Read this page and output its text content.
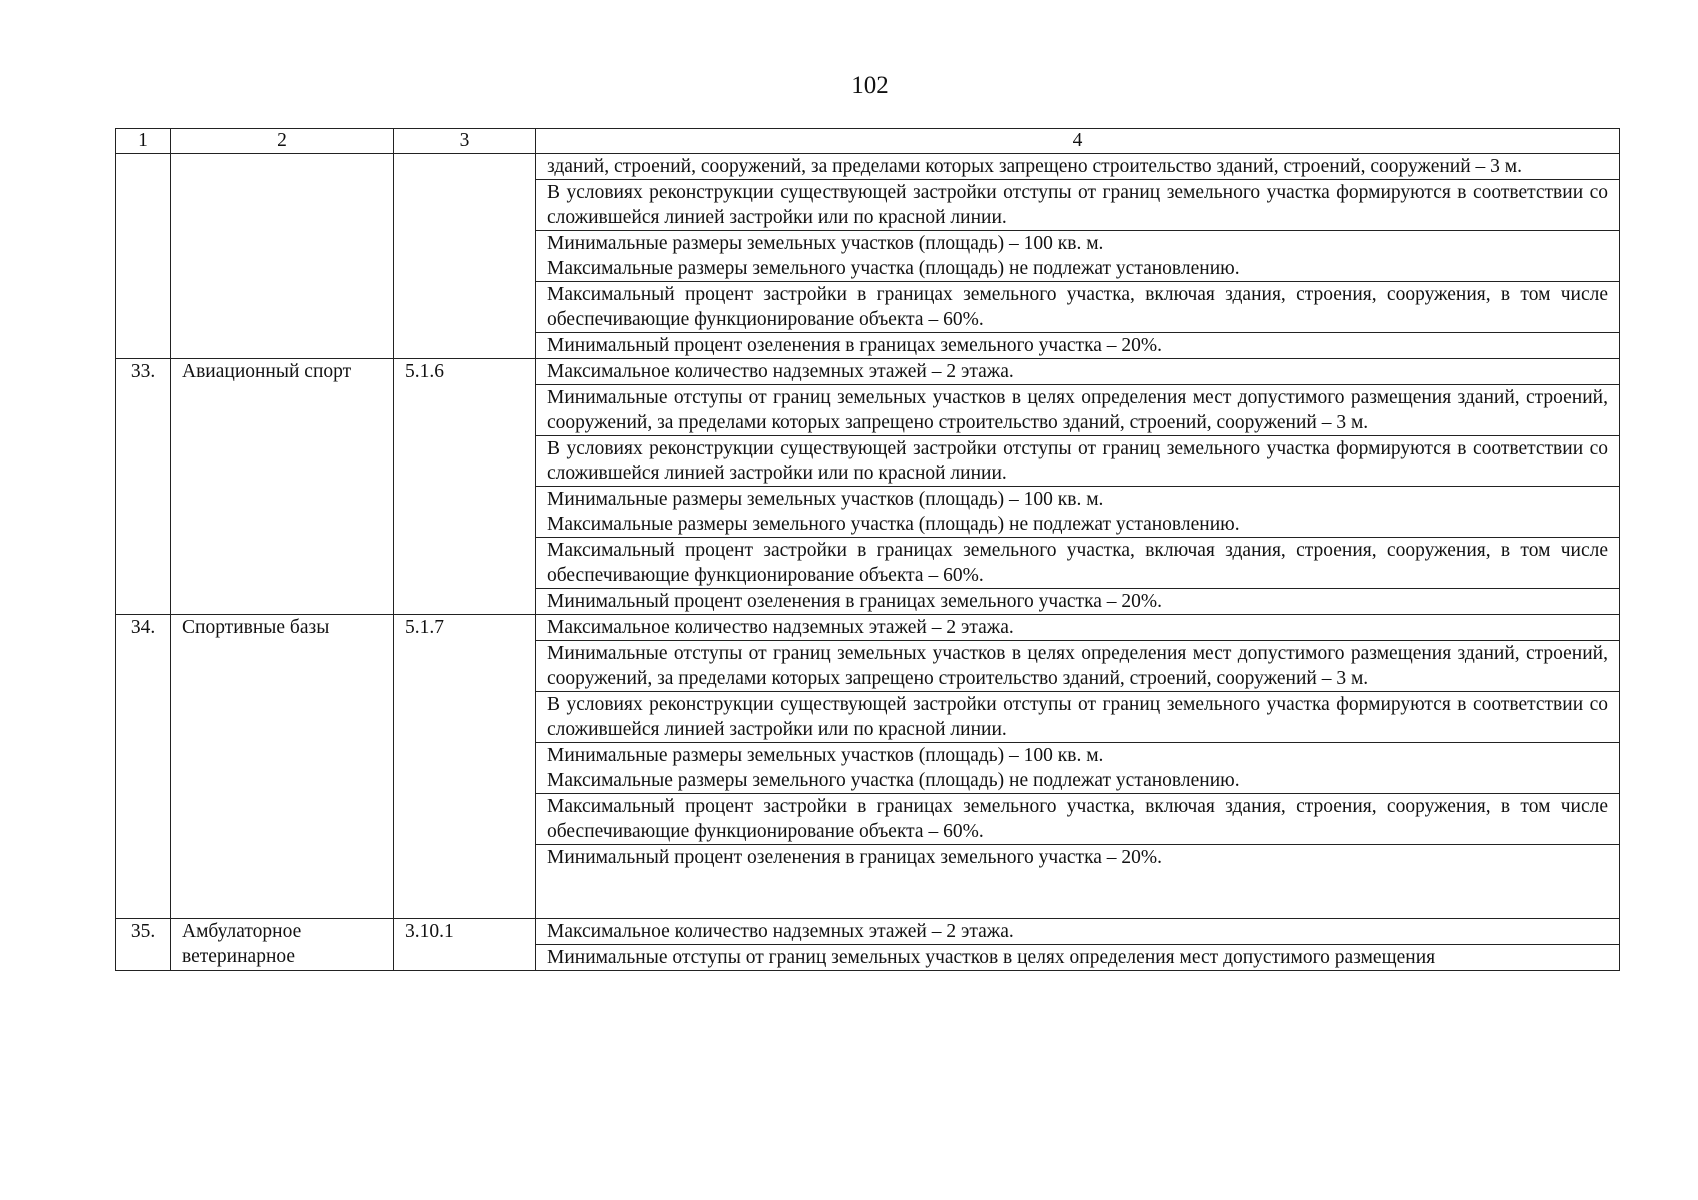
102
1	2	3	4
			зданий, строений, сооружений, за пределами которых запрещено строительство зданий, строений, сооружений – 3 м.
			В условиях реконструкции существующей застройки отступы от границ земельного участка формируются в соответствии со сложившейся линией застройки или по красной линии.
			Минимальные размеры земельных участков (площадь) – 100 кв. м.
Максимальные размеры земельного участка (площадь) не подлежат установлению.
			Максимальный процент застройки в границах земельного участка, включая здания, строения, сооружения, в том числе обеспечивающие функционирование объекта – 60%.
			Минимальный процент озеленения в границах земельного участка – 20%.
33.	Авиационный спорт	5.1.6	Максимальное количество надземных этажей – 2 этажа.
			Минимальные отступы от границ земельных участков в целях определения мест допустимого размещения зданий, строений, сооружений, за пределами которых запрещено строительство зданий, строений, сооружений – 3 м.
			В условиях реконструкции существующей застройки отступы от границ земельного участка формируются в соответствии со сложившейся линией застройки или по красной линии.
			Минимальные размеры земельных участков (площадь) – 100 кв. м.
Максимальные размеры земельного участка (площадь) не подлежат установлению.
			Максимальный процент застройки в границах земельного участка, включая здания, строения, сооружения, в том числе обеспечивающие функционирование объекта – 60%.
			Минимальный процент озеленения в границах земельного участка – 20%.
34.	Спортивные базы	5.1.7	Максимальное количество надземных этажей – 2 этажа.
			Минимальные отступы от границ земельных участков в целях определения мест допустимого размещения зданий, строений, сооружений, за пределами которых запрещено строительство зданий, строений, сооружений – 3 м.
			В условиях реконструкции существующей застройки отступы от границ земельного участка формируются в соответствии со сложившейся линией застройки или по красной линии.
			Минимальные размеры земельных участков (площадь) – 100 кв. м.
Максимальные размеры земельного участка (площадь) не подлежат установлению.
			Максимальный процент застройки в границах земельного участка, включая здания, строения, сооружения, в том числе обеспечивающие функционирование объекта – 60%.
			Минимальный процент озеленения в границах земельного участка – 20%.
35.	Амбулаторное ветеринарное	3.10.1	Максимальное количество надземных этажей – 2 этажа.
			Минимальные отступы от границ земельных участков в целях определения мест допустимого размещения
